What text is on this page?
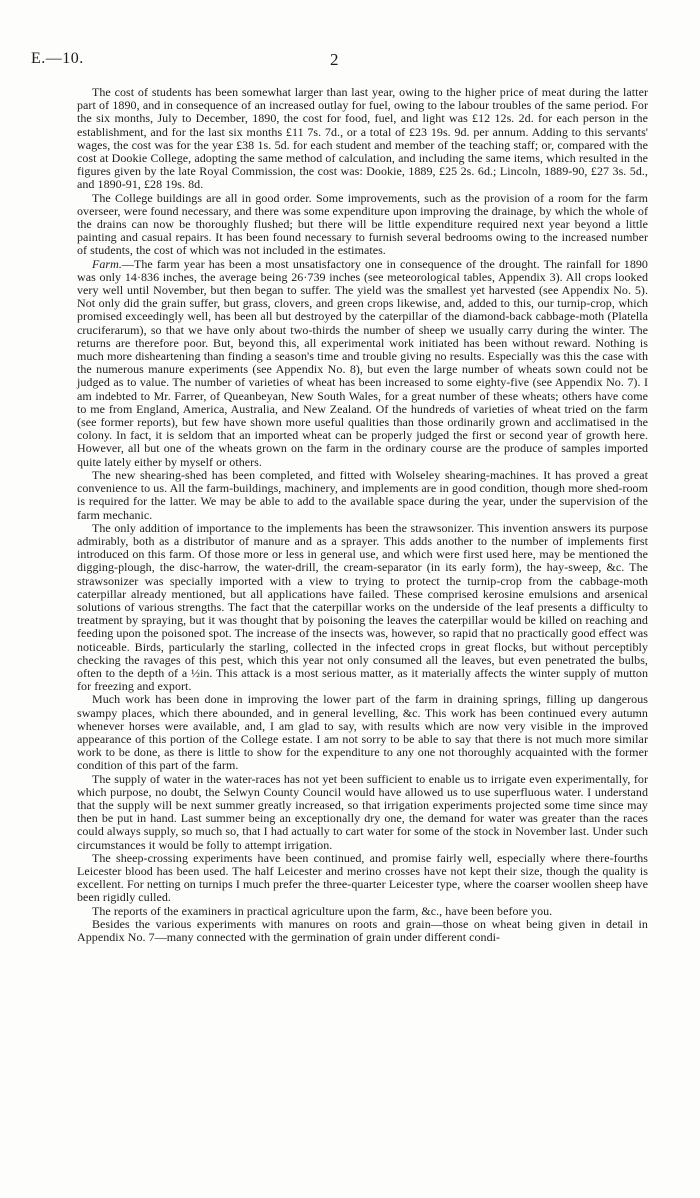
E.—10.	2

The cost of students has been somewhat larger than last year, owing to the higher price of meat during the latter part of 1890, and in consequence of an increased outlay for fuel, owing to the labour troubles of the same period. For the six months, July to December, 1890, the cost for food, fuel, and light was £12 12s. 2d. for each person in the establishment, and for the last six months £11 7s. 7d., or a total of £23 19s. 9d. per annum. Adding to this servants' wages, the cost was for the year £38 1s. 5d. for each student and member of the teaching staff; or, compared with the cost at Dookie College, adopting the same method of calculation, and including the same items, which resulted in the figures given by the late Royal Commission, the cost was: Dookie, 1889, £25 2s. 6d.; Lincoln, 1889-90, £27 3s. 5d., and 1890-91, £28 19s. 8d.

The College buildings are all in good order. Some improvements, such as the provision of a room for the farm overseer, were found necessary, and there was some expenditure upon improving the drainage, by which the whole of the drains can now be thoroughly flushed; but there will be little expenditure required next year beyond a little painting and casual repairs. It has been found necessary to furnish several bedrooms owing to the increased number of students, the cost of which was not included in the estimates.

Farm.—The farm year has been a most unsatisfactory one in consequence of the drought. The rainfall for 1890 was only 14·836 inches, the average being 26·739 inches (see meteorological tables, Appendix 3). All crops looked very well until November, but then began to suffer. The yield was the smallest yet harvested (see Appendix No. 5). Not only did the grain suffer, but grass, clovers, and green crops likewise, and, added to this, our turnip-crop, which promised exceedingly well, has been all but destroyed by the caterpillar of the diamond-back cabbage-moth (Platella cruciferarum), so that we have only about two-thirds the number of sheep we usually carry during the winter. The returns are therefore poor. But, beyond this, all experimental work initiated has been without reward. Nothing is much more disheartening than finding a season's time and trouble giving no results. Especially was this the case with the numerous manure experiments (see Appendix No. 8), but even the large number of wheats sown could not be judged as to value. The number of varieties of wheat has been increased to some eighty-five (see Appendix No. 7). I am indebted to Mr. Farrer, of Queanbeyan, New South Wales, for a great number of these wheats; others have come to me from England, America, Australia, and New Zealand. Of the hundreds of varieties of wheat tried on the farm (see former reports), but few have shown more useful qualities than those ordinarily grown and acclimatised in the colony. In fact, it is seldom that an imported wheat can be properly judged the first or second year of growth here. However, all but one of the wheats grown on the farm in the ordinary course are the produce of samples imported quite lately either by myself or others.

The new shearing-shed has been completed, and fitted with Wolseley shearing-machines. It has proved a great convenience to us. All the farm-buildings, machinery, and implements are in good condition, though more shed-room is required for the latter. We may be able to add to the available space during the year, under the supervision of the farm mechanic.

The only addition of importance to the implements has been the strawsonizer. This invention answers its purpose admirably, both as a distributor of manure and as a sprayer. This adds another to the number of implements first introduced on this farm. Of those more or less in general use, and which were first used here, may be mentioned the digging-plough, the disc-harrow, the water-drill, the cream-separator (in its early form), the hay-sweep, &c. The strawsonizer was specially imported with a view to trying to protect the turnip-crop from the cabbage-moth caterpillar already mentioned, but all applications have failed. These comprised kerosine emulsions and arsenical solutions of various strengths. The fact that the caterpillar works on the underside of the leaf presents a difficulty to treatment by spraying, but it was thought that by poisoning the leaves the caterpillar would be killed on reaching and feeding upon the poisoned spot. The increase of the insects was, however, so rapid that no practically good effect was noticeable. Birds, particularly the starling, collected in the infected crops in great flocks, but without perceptibly checking the ravages of this pest, which this year not only consumed all the leaves, but even penetrated the bulbs, often to the depth of a ½in. This attack is a most serious matter, as it materially affects the winter supply of mutton for freezing and export.

Much work has been done in improving the lower part of the farm in draining springs, filling up dangerous swampy places, which there abounded, and in general levelling, &c. This work has been continued every autumn whenever horses were available, and, I am glad to say, with results which are now very visible in the improved appearance of this portion of the College estate. I am not sorry to be able to say that there is not much more similar work to be done, as there is little to show for the expenditure to any one not thoroughly acquainted with the former condition of this part of the farm.

The supply of water in the water-races has not yet been sufficient to enable us to irrigate even experimentally, for which purpose, no doubt, the Selwyn County Council would have allowed us to use superfluous water. I understand that the supply will be next summer greatly increased, so that irrigation experiments projected some time since may then be put in hand. Last summer being an exceptionally dry one, the demand for water was greater than the races could always supply, so much so, that I had actually to cart water for some of the stock in November last. Under such circumstances it would be folly to attempt irrigation.

The sheep-crossing experiments have been continued, and promise fairly well, especially where there-fourths Leicester blood has been used. The half Leicester and merino crosses have not kept their size, though the quality is excellent. For netting on turnips I much prefer the three-quarter Leicester type, where the coarser woollen sheep have been rigidly culled.

The reports of the examiners in practical agriculture upon the farm, &c., have been before you.

Besides the various experiments with manures on roots and grain—those on wheat being given in detail in Appendix No. 7—many connected with the germination of grain under different condi-
